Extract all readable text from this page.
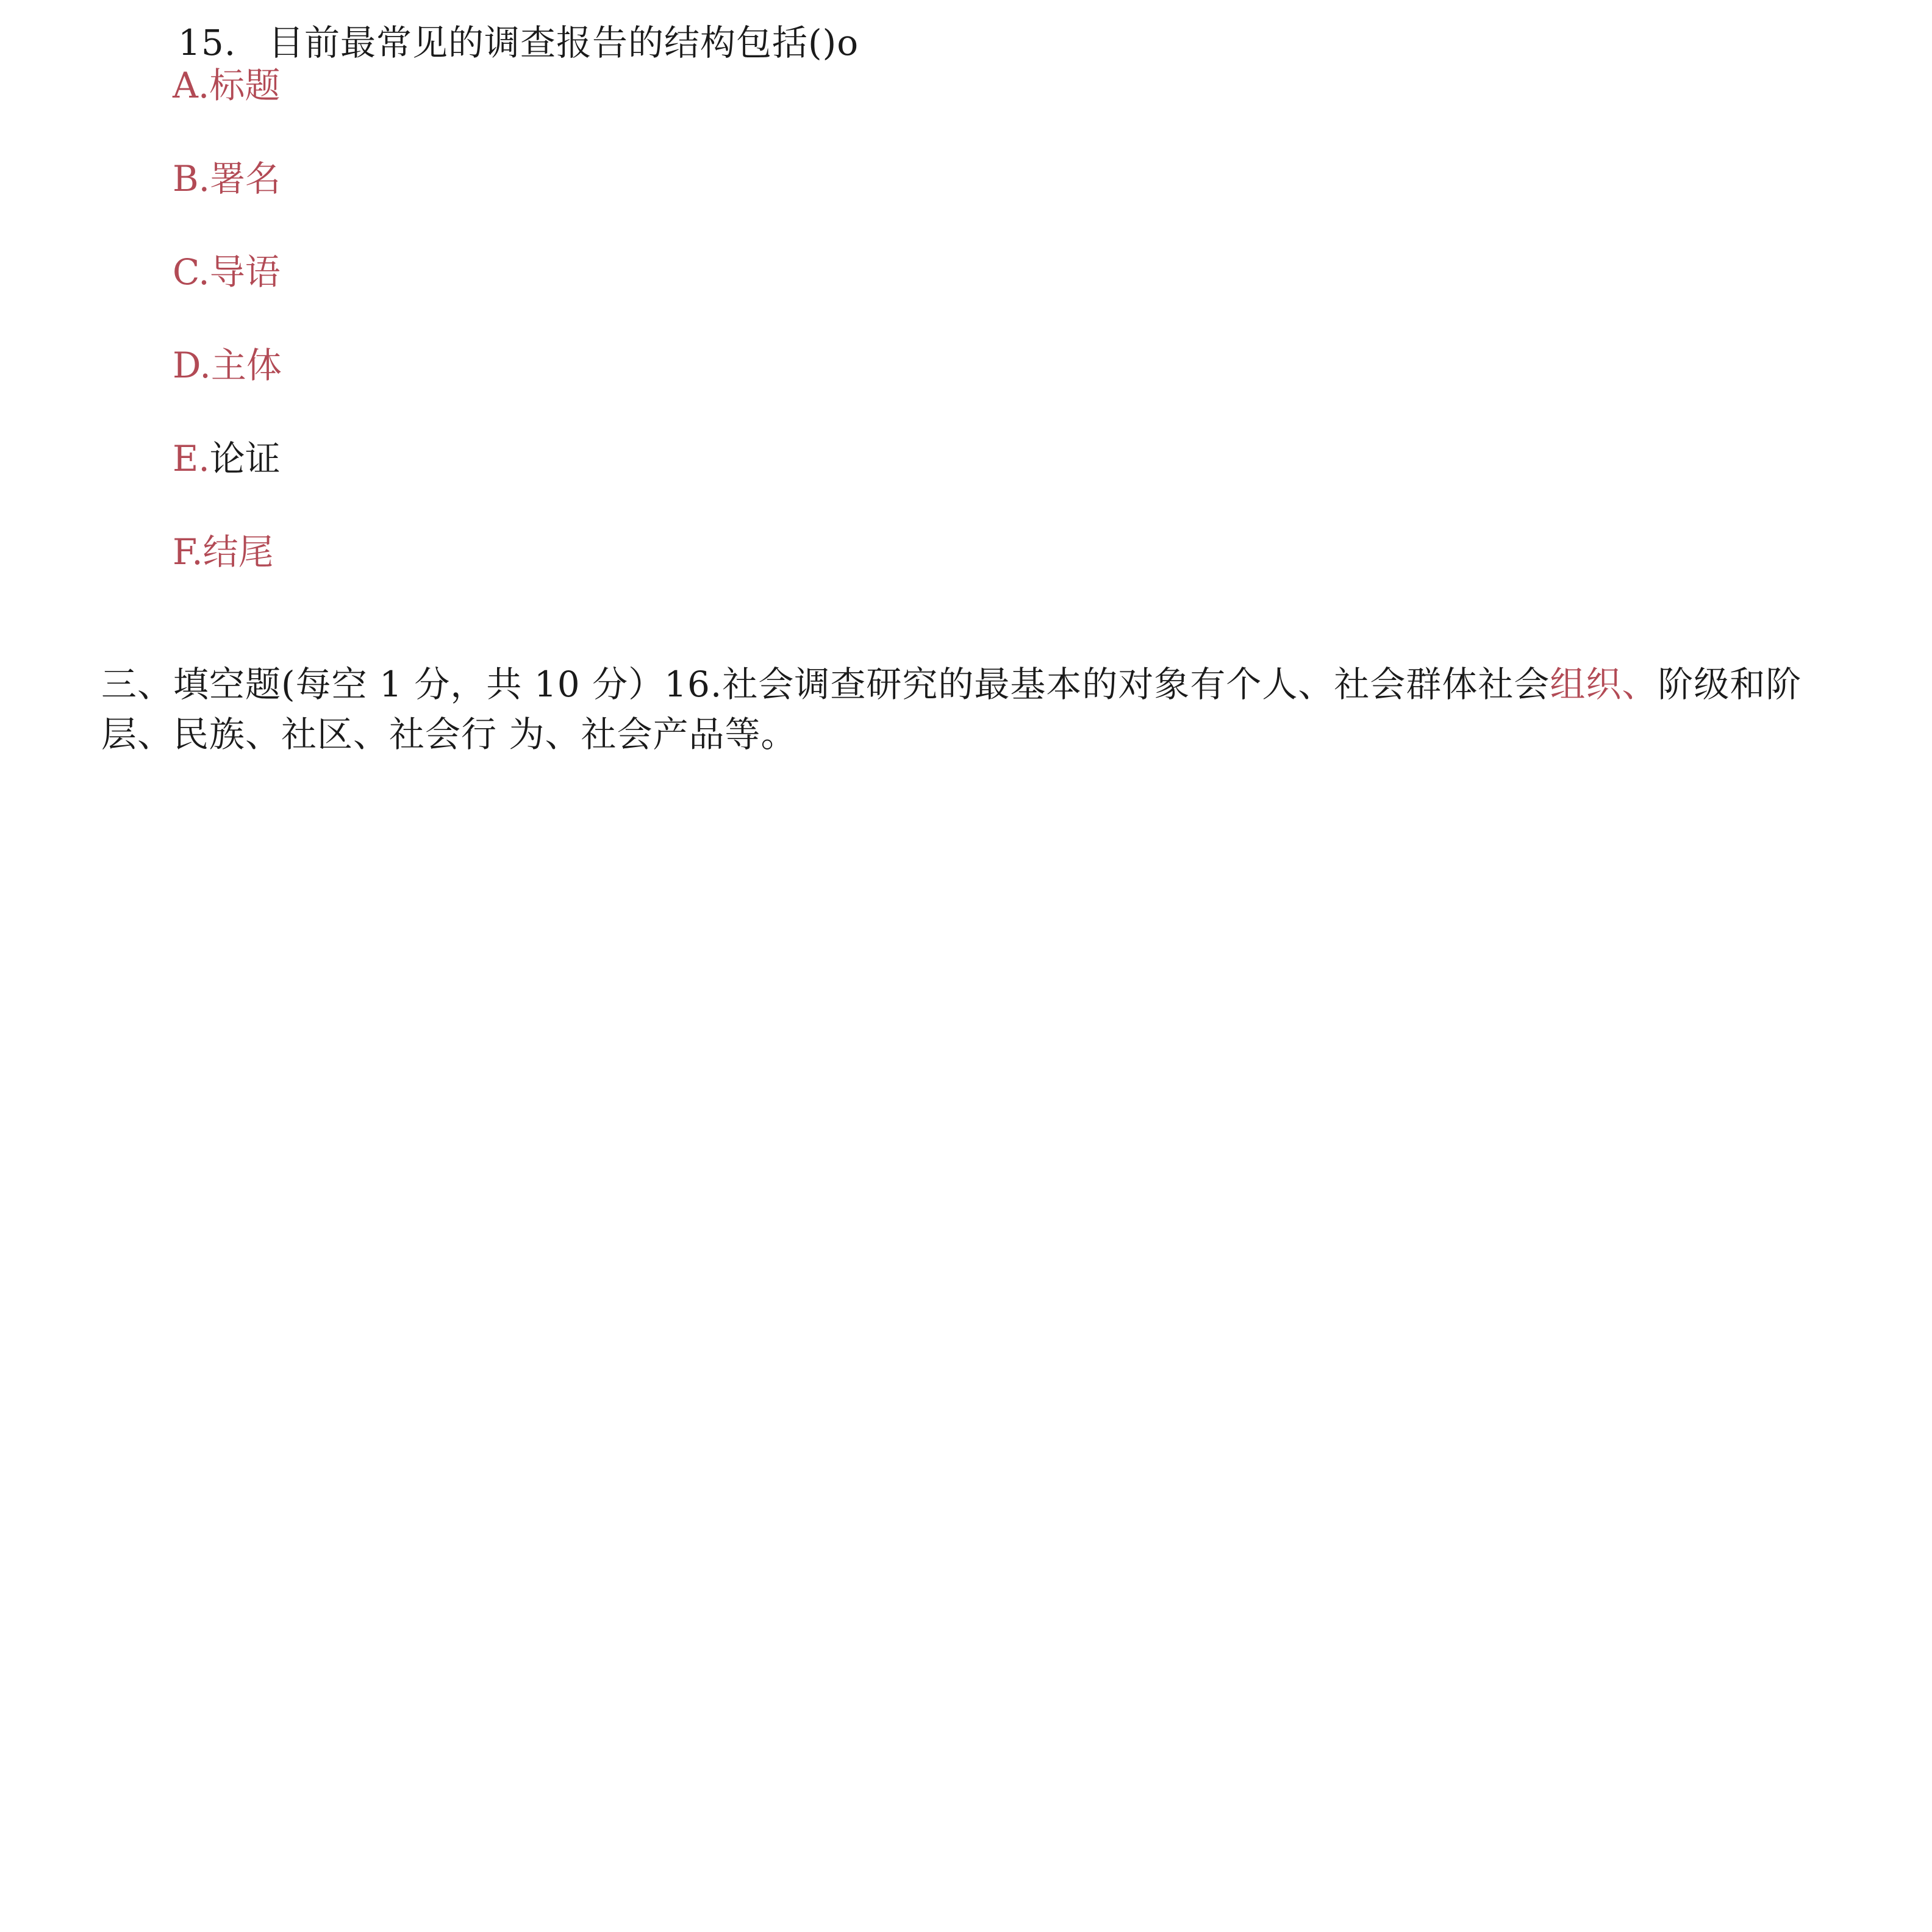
15. 目前最常见的调查报告的结构包括()o
A.标题
B.署名
C.导语
D.主体
E.论证
F.结尾

三、填空题(每空 1 分，共 10 分）16.社会调查研究的最基本的对象有个人、社会群体社会组织、阶级和阶层、民族、社区、社会行 为、社会产品等。
